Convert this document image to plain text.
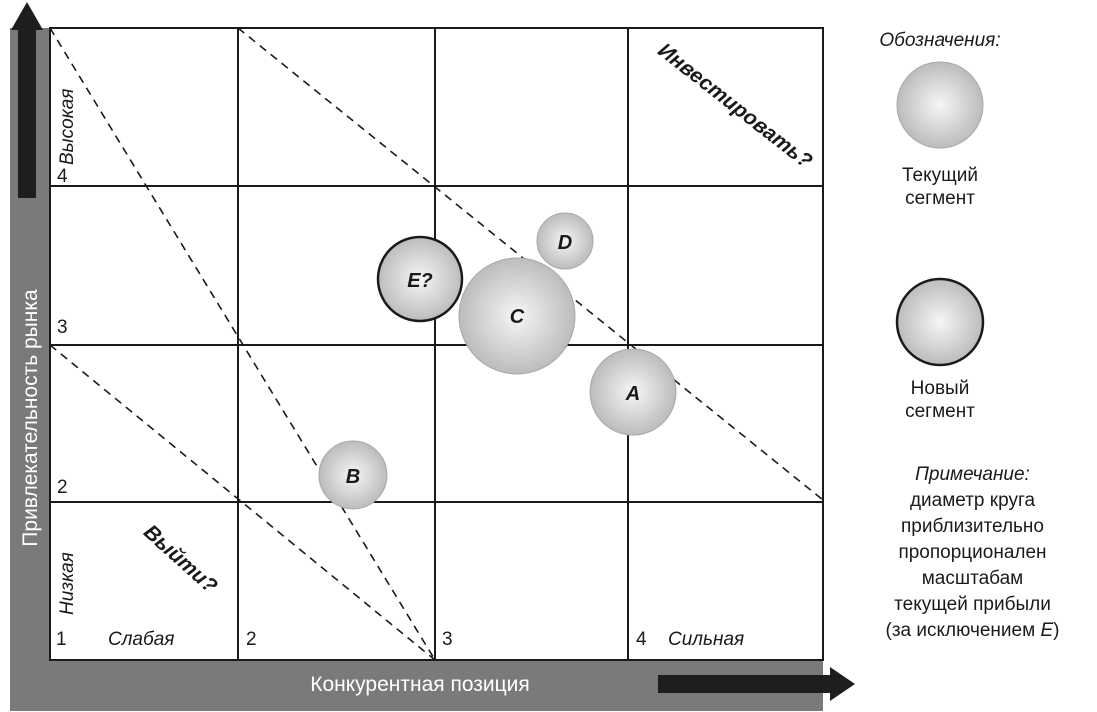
4
3
2
1	2	3	4
Слабая	Сильная
Высокая
Низкая
Привлекательность рынка
Конкурентная позиция
Инвестировать?
Выйти?
D
C
E?
A
B
Обозначения:
Текущий сегмент
Новый сегмент
Примечание:
диаметр круга
приблизительно
пропорционален
масштабам
текущей прибыли
(за исключением E)
